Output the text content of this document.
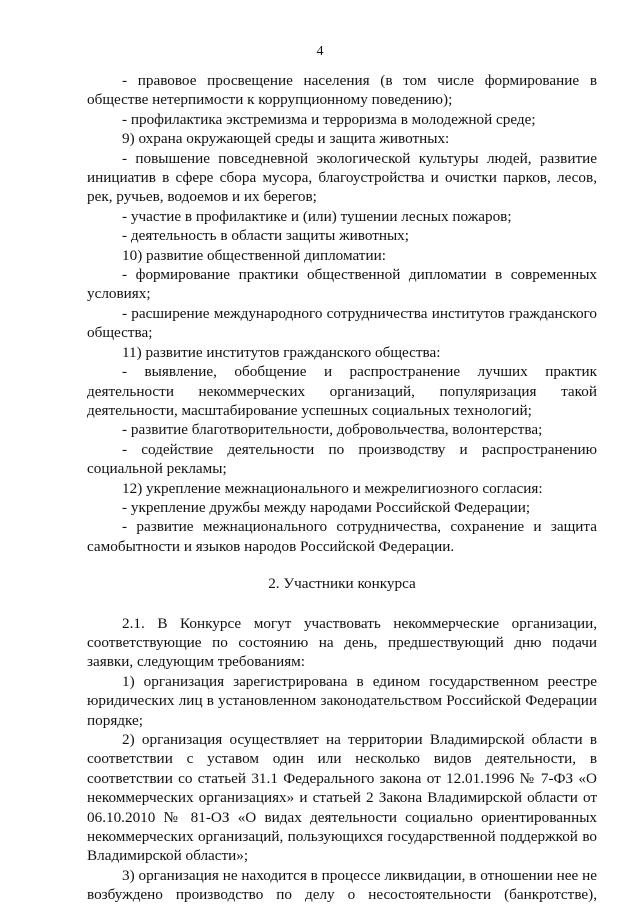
4

- правовое просвещение населения (в том числе формирование в обществе нетерпимости к коррупционному поведению);

- профилактика экстремизма и терроризма в молодежной среде;

9) охрана окружающей среды и защита животных:

- повышение повседневной экологической культуры людей, развитие инициатив в сфере сбора мусора, благоустройства и очистки парков, лесов, рек, ручьев, водоемов и их берегов;

- участие в профилактике и (или) тушении лесных пожаров;

- деятельность в области защиты животных;

10) развитие общественной дипломатии:

- формирование практики общественной дипломатии в современных условиях;

- расширение международного сотрудничества институтов гражданского общества;

11) развитие институтов гражданского общества:

- выявление, обобщение и распространение лучших практик деятельности некоммерческих организаций, популяризация такой деятельности, масштабирование успешных социальных технологий;

- развитие благотворительности, добровольчества, волонтерства;

- содействие деятельности по производству и распространению социальной рекламы;

12) укрепление межнационального и межрелигиозного согласия:

- укрепление дружбы между народами Российской Федерации;

- развитие межнационального сотрудничества, сохранение и защита самобытности и языков народов Российской Федерации.

2. Участники конкурса

2.1. В Конкурсе могут участвовать некоммерческие организации, соответствующие по состоянию на день, предшествующий дню подачи заявки, следующим требованиям:

1) организация зарегистрирована в едином государственном реестре юридических лиц в установленном законодательством Российской Федерации порядке;

2) организация осуществляет на территории Владимирской области в соответствии с уставом один или несколько видов деятельности, в соответствии со статьей 31.1 Федерального закона от 12.01.1996 № 7-ФЗ «О некоммерческих организациях» и статьей 2 Закона Владимирской области от 06.10.2010 № 81-ОЗ «О видах деятельности социально ориентированных некоммерческих организаций, пользующихся государственной поддержкой во Владимирской области»;

3) организация не находится в процессе ликвидации, в отношении нее не возбуждено производство по делу о несостоятельности (банкротстве),
